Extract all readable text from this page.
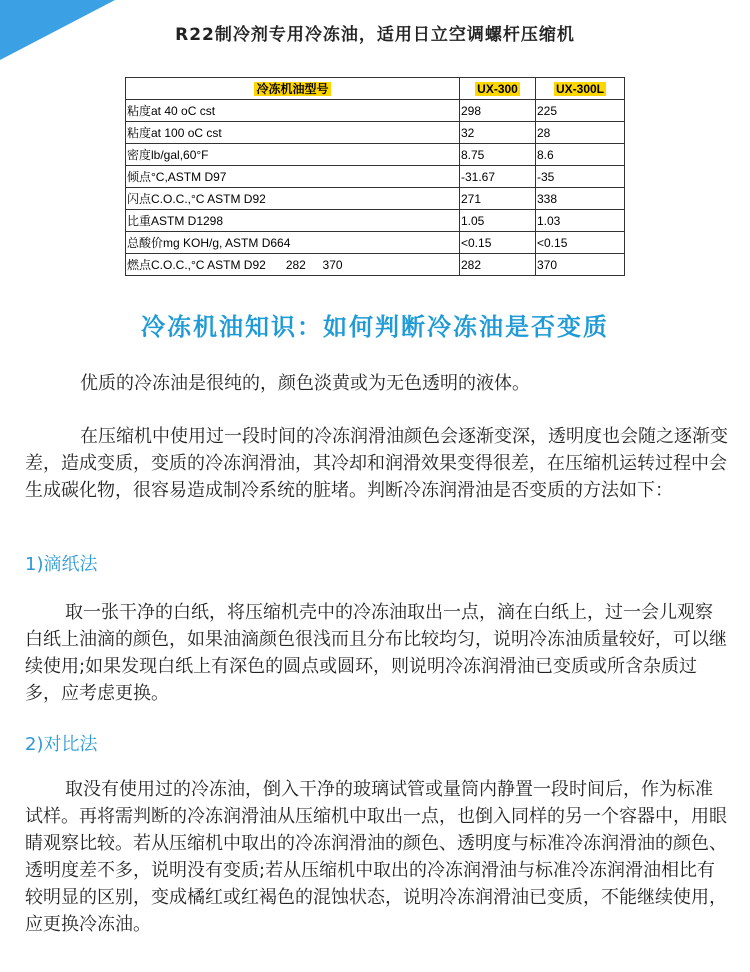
R22制冷剂专用冷冻油，适用日立空调螺杆压缩机
冷冻机油型号	UX-300	UX-300L
粘度at 40 oC cst	298	225
粘度at 100 oC cst	32	28
密度lb/gal,60°F	8.75	8.6
倾点°C,ASTM D97	-31.67	-35
闪点C.O.C.,°C ASTM D92	271	338
比重ASTM D1298	1.05	1.03
总酸价mg KOH/g, ASTM D664	<0.15	<0.15
燃点C.O.C.,°C ASTM D92      282     370	282	370
冷冻机油知识：如何判断冷冻油是否变质

优质的冷冻油是很纯的，颜色淡黄或为无色透明的液体。

在压缩机中使用过一段时间的冷冻润滑油颜色会逐渐变深，透明度也会随之逐渐变差，造成变质，变质的冷冻润滑油，其冷却和润滑效果变得很差，在压缩机运转过程中会生成碳化物，很容易造成制冷系统的脏堵。判断冷冻润滑油是否变质的方法如下：

1)滴纸法

取一张干净的白纸，将压缩机壳中的冷冻油取出一点，滴在白纸上，过一会儿观察白纸上油滴的颜色，如果油滴颜色很浅而且分布比较均匀，说明冷冻油质量较好，可以继续使用;如果发现白纸上有深色的圆点或圆环，则说明冷冻润滑油已变质或所含杂质过多，应考虑更换。

2)对比法

取没有使用过的冷冻油，倒入干净的玻璃试管或量筒内静置一段时间后，作为标准试样。再将需判断的冷冻润滑油从压缩机中取出一点，也倒入同样的另一个容器中，用眼睛观察比较。若从压缩机中取出的冷冻润滑油的颜色、透明度与标准冷冻润滑油的颜色、透明度差不多，说明没有变质;若从压缩机中取出的冷冻润滑油与标准冷冻润滑油相比有较明显的区别，变成橘红或红褐色的混蚀状态，说明冷冻润滑油已变质，不能继续使用，应更换冷冻油。
